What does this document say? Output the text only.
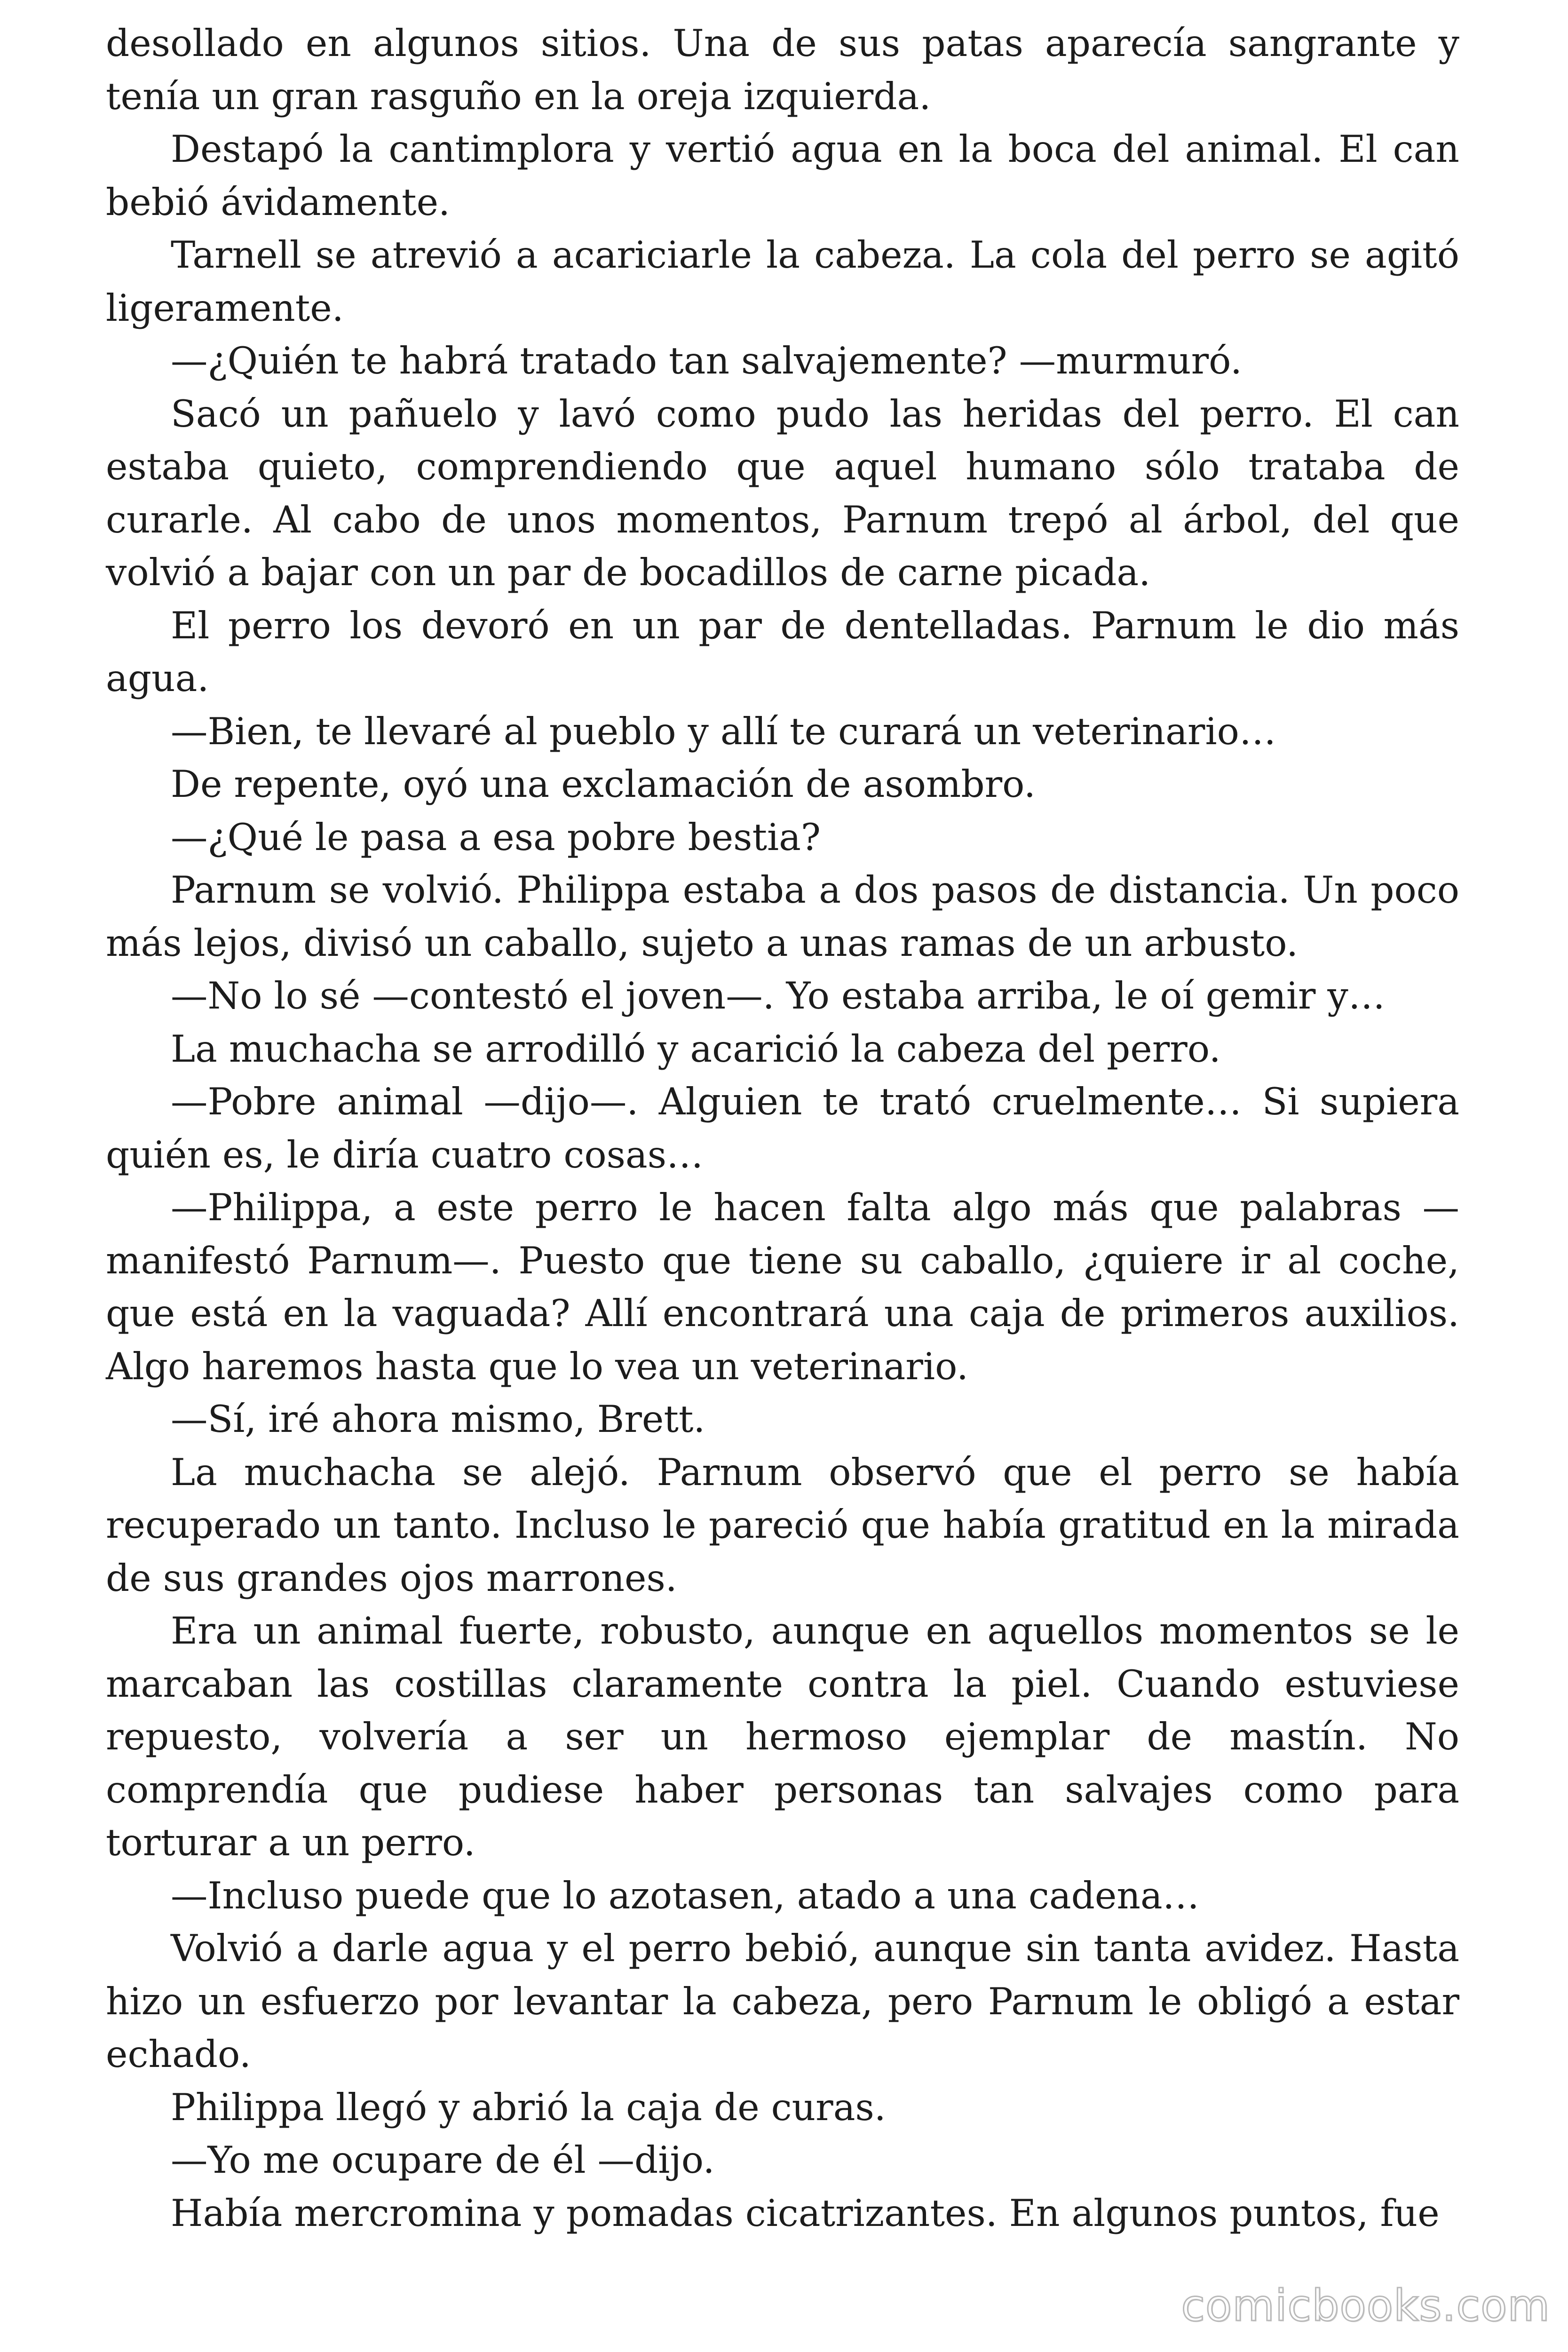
desollado en algunos sitios. Una de sus patas aparecía sangrante y tenía un gran rasguño en la oreja izquierda.

Destapó la cantimplora y vertió agua en la boca del animal. El can bebió ávidamente.

Tarnell se atrevió a acariciarle la cabeza. La cola del perro se agitó ligeramente.

—¿Quién te habrá tratado tan salvajemente? —murmuró.

Sacó un pañuelo y lavó como pudo las heridas del perro. El can estaba quieto, comprendiendo que aquel humano sólo trataba de curarle. Al cabo de unos momentos, Parnum trepó al árbol, del que volvió a bajar con un par de bocadillos de carne picada.

El perro los devoró en un par de dentelladas. Parnum le dio más agua.

—Bien, te llevaré al pueblo y allí te curará un veterinario…

De repente, oyó una exclamación de asombro.

—¿Qué le pasa a esa pobre bestia?

Parnum se volvió. Philippa estaba a dos pasos de distancia. Un poco más lejos, divisó un caballo, sujeto a unas ramas de un arbusto.

—No lo sé —contestó el joven—. Yo estaba arriba, le oí gemir y…

La muchacha se arrodilló y acarició la cabeza del perro.

—Pobre animal —dijo—. Alguien te trató cruelmente… Si supiera quién es, le diría cuatro cosas…

—Philippa, a este perro le hacen falta algo más que palabras —manifestó Parnum—. Puesto que tiene su caballo, ¿quiere ir al coche, que está en la vaguada? Allí encontrará una caja de primeros auxilios. Algo haremos hasta que lo vea un veterinario.

—Sí, iré ahora mismo, Brett.

La muchacha se alejó. Parnum observó que el perro se había recuperado un tanto. Incluso le pareció que había gratitud en la mirada de sus grandes ojos marrones.

Era un animal fuerte, robusto, aunque en aquellos momentos se le marcaban las costillas claramente contra la piel. Cuando estuviese repuesto, volvería a ser un hermoso ejemplar de mastín. No comprendía que pudiese haber personas tan salvajes como para torturar a un perro.

—Incluso puede que lo azotasen, atado a una cadena…

Volvió a darle agua y el perro bebió, aunque sin tanta avidez. Hasta hizo un esfuerzo por levantar la cabeza, pero Parnum le obligó a estar echado.

Philippa llegó y abrió la caja de curas.

—Yo me ocupare de él —dijo.

Había mercromina y pomadas cicatrizantes. En algunos puntos, fue

comicbooks.com
